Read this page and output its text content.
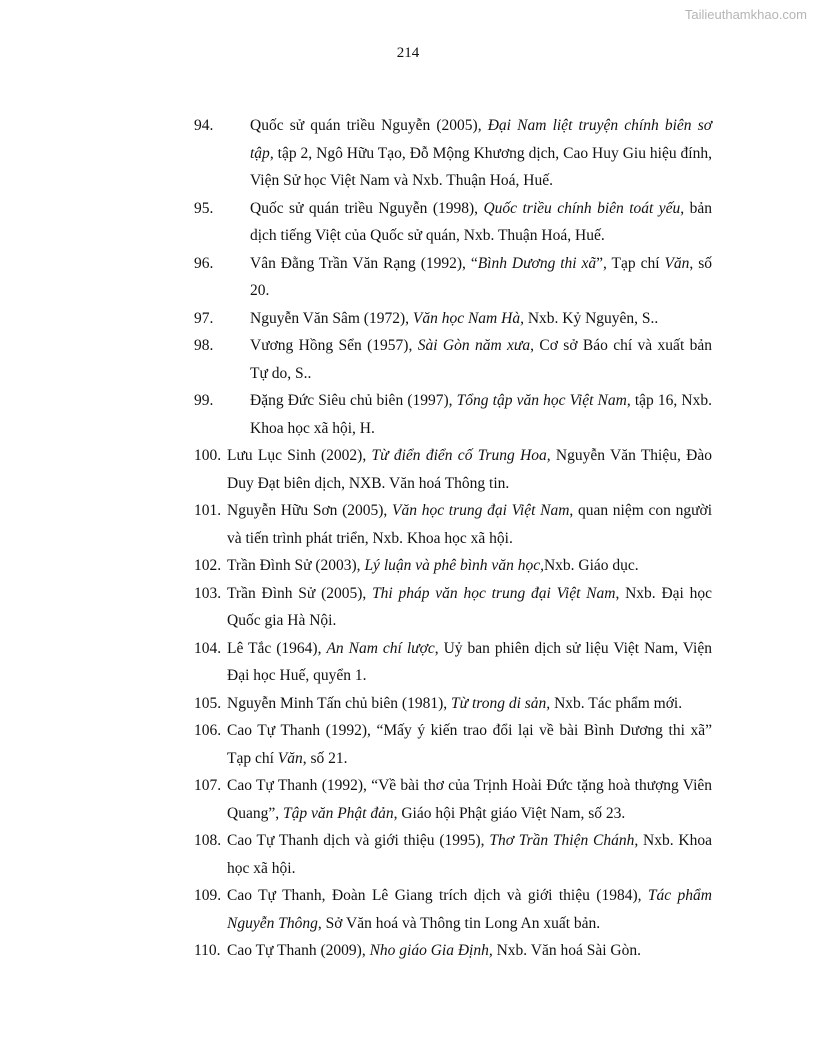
Tailieuthamkhao.com
214
94.	Quốc sử quán triều Nguyễn (2005), Đại Nam liệt truyện chính biên sơ tập, tập 2, Ngô Hữu Tạo, Đỗ Mộng Khương dịch, Cao Huy Giu hiệu đính, Viện Sử học Việt Nam và Nxb. Thuận Hoá, Huế.
95.	Quốc sử quán triều Nguyễn (1998), Quốc triều chính biên toát yếu, bản dịch tiếng Việt của Quốc sử quán, Nxb. Thuận Hoá, Huế.
96.	Vân Đằng Trần Văn Rạng (1992), “Bình Dương thi xã”, Tạp chí Văn, số 20.
97.	Nguyễn Văn Sâm (1972), Văn học Nam Hà, Nxb. Kỷ Nguyên, S..
98.	Vương Hồng Sển (1957), Sài Gòn năm xưa, Cơ sở Báo chí và xuất bản Tự do, S..
99.	Đặng Đức Siêu chủ biên (1997), Tổng tập văn học Việt Nam, tập 16, Nxb. Khoa học xã hội, H.
100. Lưu Lục Sinh (2002), Từ điển điển cố Trung Hoa, Nguyễn Văn Thiệu, Đào Duy Đạt biên dịch, NXB. Văn hoá Thông tin.
101. Nguyễn Hữu Sơn (2005), Văn học trung đại Việt Nam, quan niệm con người và tiến trình phát triển, Nxb. Khoa học xã hội.
102. Trần Đình Sử (2003), Lý luận và phê bình văn học,Nxb. Giáo dục.
103. Trần Đình Sử (2005), Thi pháp văn học trung đại Việt Nam, Nxb. Đại học Quốc gia Hà Nội.
104. Lê Tắc (1964), An Nam chí lược, Uỷ ban phiên dịch sử liệu Việt Nam, Viện Đại học Huế, quyển 1.
105. Nguyễn Minh Tấn chủ biên (1981), Từ trong di sản, Nxb. Tác phẩm mới.
106. Cao Tự Thanh (1992), “Mấy ý kiến trao đổi lại về bài Bình Dương thi xã” Tạp chí Văn, số 21.
107. Cao Tự Thanh (1992), “Về bài thơ của Trịnh Hoài Đức tặng hoà thượng Viên Quang”, Tập văn Phật đản, Giáo hội Phật giáo Việt Nam, số 23.
108. Cao Tự Thanh dịch và giới thiệu (1995), Thơ Trần Thiện Chánh, Nxb. Khoa học xã hội.
109. Cao Tự Thanh, Đoàn Lê Giang trích dịch và giới thiệu (1984), Tác phẩm Nguyễn Thông, Sở Văn hoá và Thông tin Long An xuất bản.
110. Cao Tự Thanh (2009), Nho giáo Gia Định, Nxb. Văn hoá Sài Gòn.
